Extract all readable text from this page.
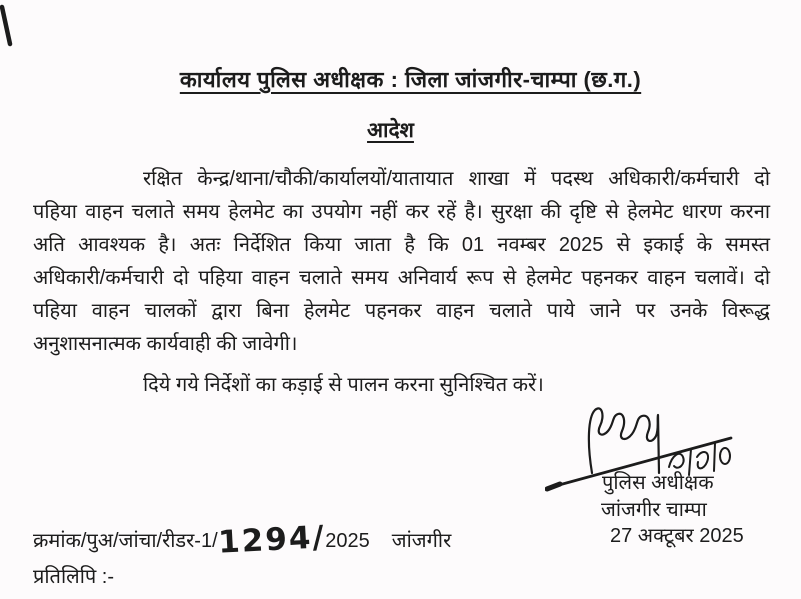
कार्यालय पुलिस अधीक्षक : जिला जांजगीर-चाम्पा (छ.ग.)
आदेश
रक्षित केन्द्र/थाना/चौकी/कार्यालयों/यातायात शाखा में पदस्थ अधिकारी/कर्मचारी दो
पहिया वाहन चलाते समय हेलमेट का उपयोग नहीं कर रहें है। सुरक्षा की दृष्टि से हेलमेट धारण करना
अति आवश्यक है। अतः निर्देशित किया जाता है कि 01 नवम्बर 2025 से इकाई के समस्त
अधिकारी/कर्मचारी दो पहिया वाहन चलाते समय अनिवार्य रूप से हेलमेट पहनकर वाहन चलावें। दो
पहिया वाहन चालकों द्वारा बिना हेलमेट पहनकर वाहन चलाते पाये जाने पर उनके विरूद्ध
अनुशासनात्मक कार्यवाही की जावेगी।
दिये गये निर्देशों का कड़ाई से पालन करना सुनिश्चित करें।
पुलिस अधीक्षक
जांजगीर चाम्पा
27 अक्टूबर 2025
क्रमांक/पुअ/जांचा/रीडर-1/1294/2025 जांजगीर
प्रतिलिपि :-
